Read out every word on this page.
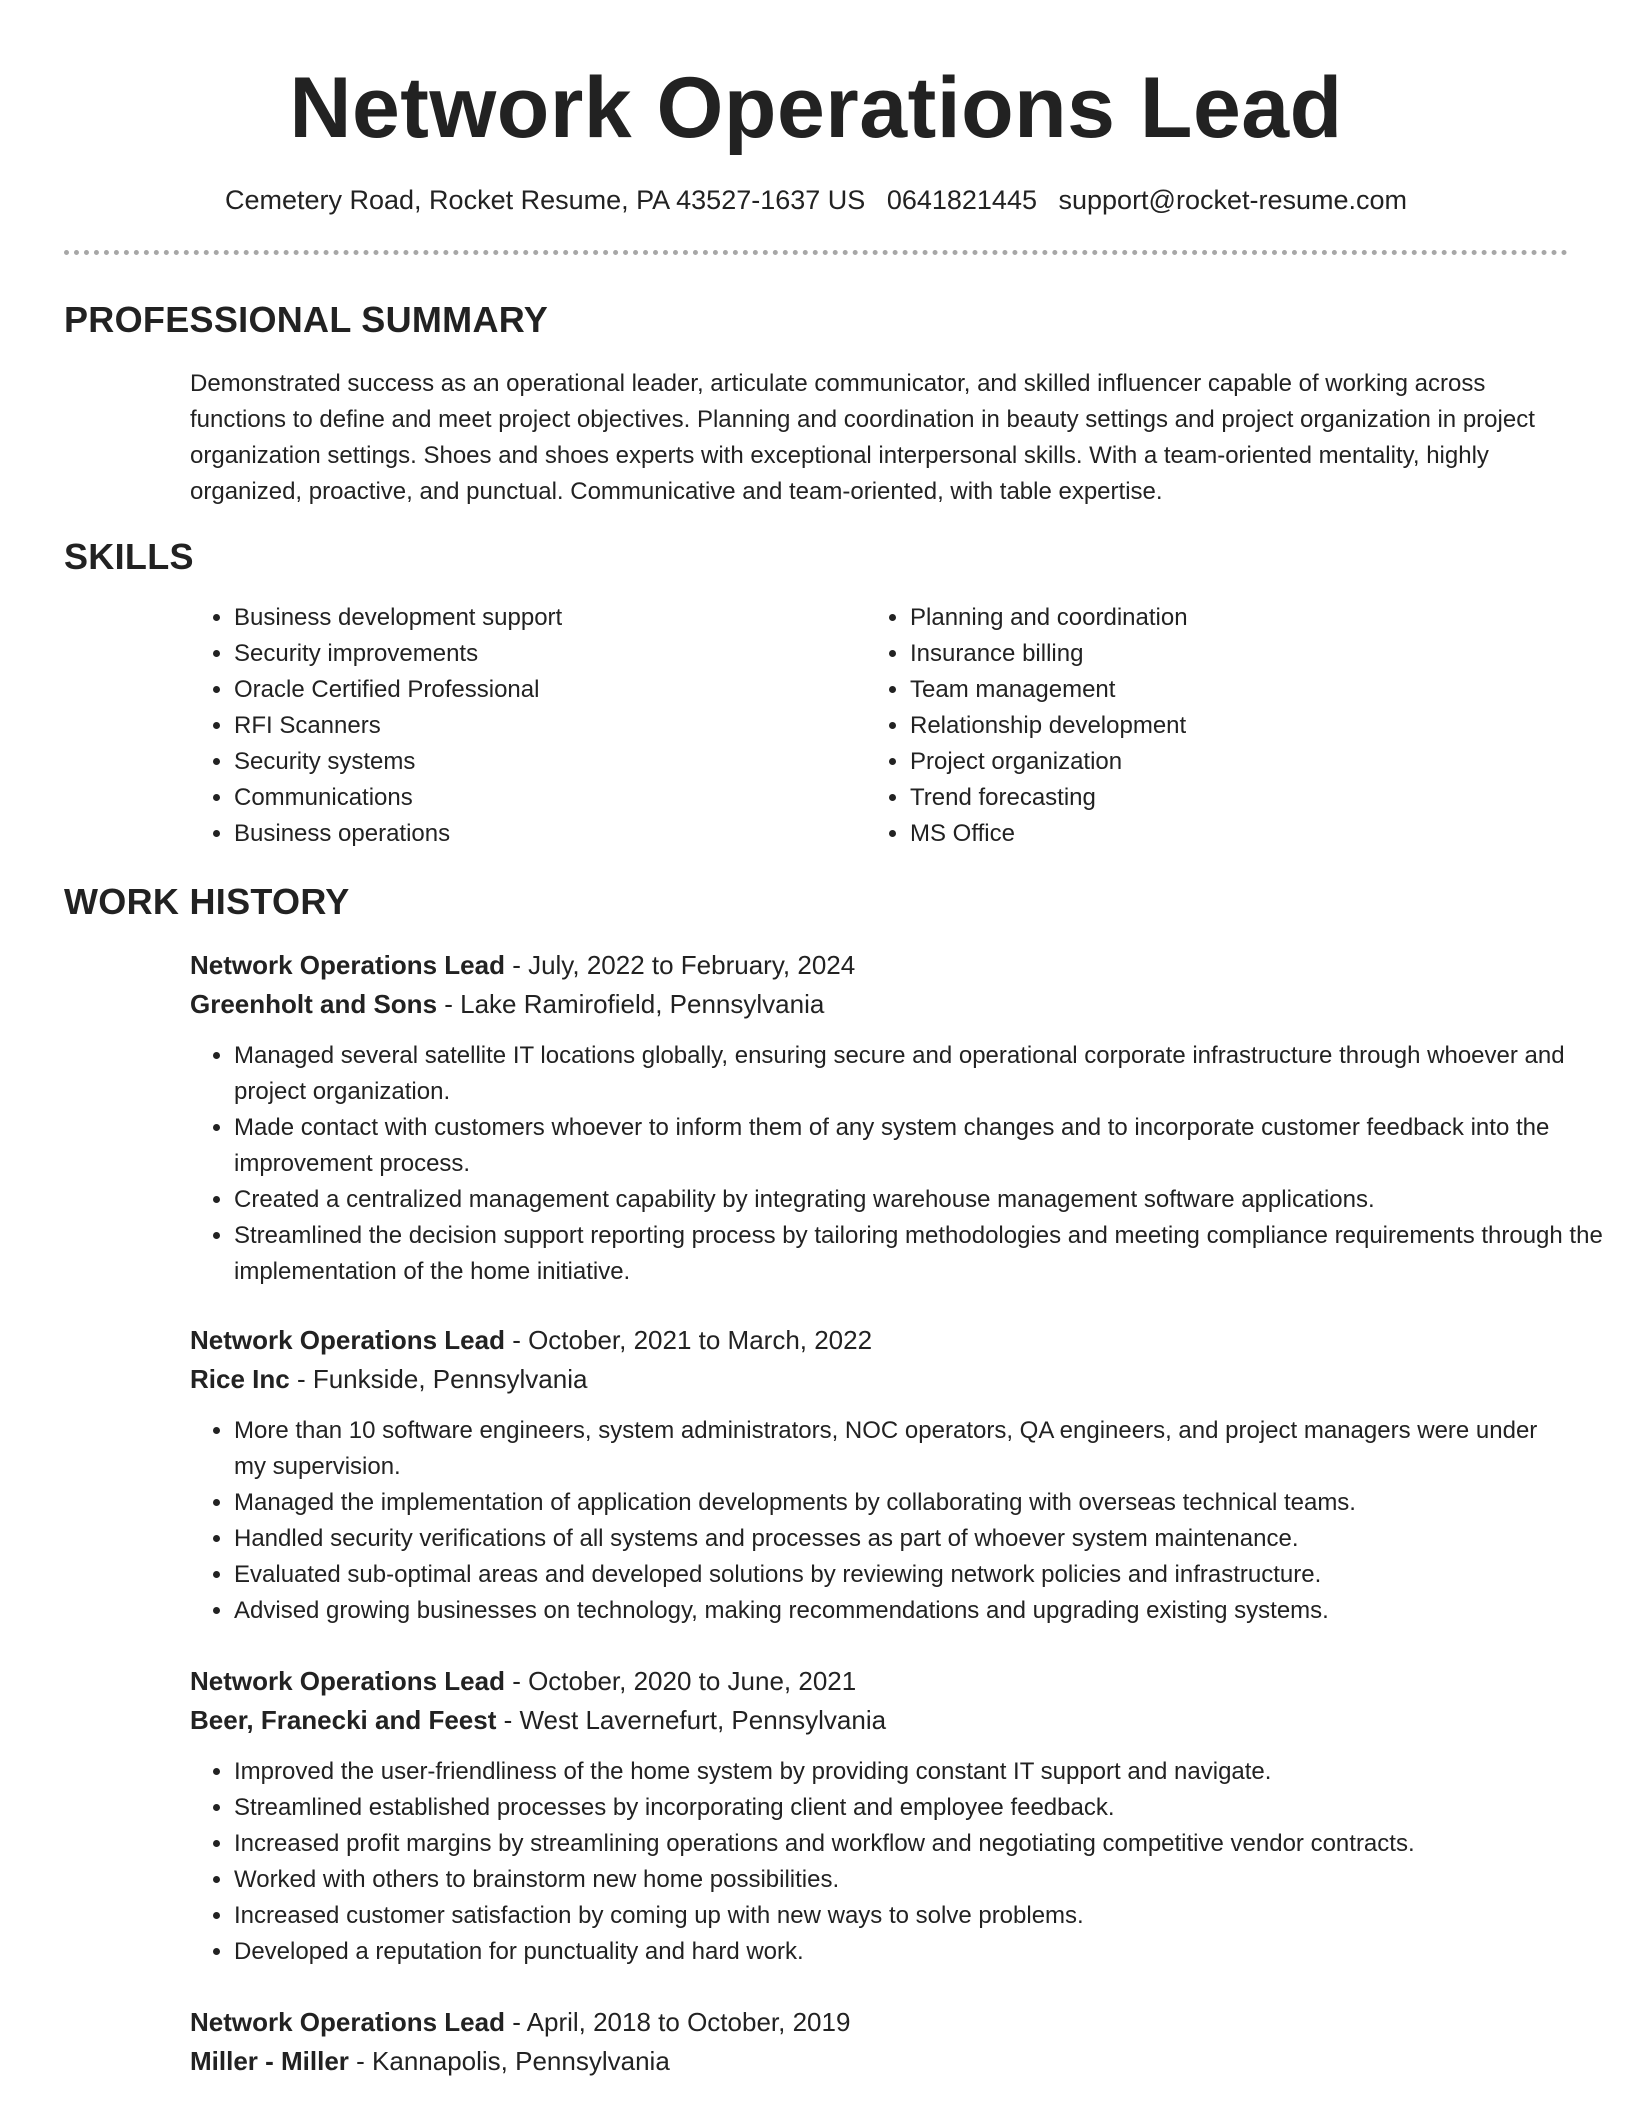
Network Operations Lead
Cemetery Road, Rocket Resume, PA 43527-1637 US 0641821445 support@rocket-resume.com
PROFESSIONAL SUMMARY

Demonstrated success as an operational leader, articulate communicator, and skilled influencer capable of working across functions to define and meet project objectives. Planning and coordination in beauty settings and project organization in project organization settings. Shoes and shoes experts with exceptional interpersonal skills. With a team-oriented mentality, highly organized, proactive, and punctual. Communicative and team-oriented, with table expertise.

SKILLS
• Business development support
• Security improvements
• Oracle Certified Professional
• RFI Scanners
• Security systems
• Communications
• Business operations
• Planning and coordination
• Insurance billing
• Team management
• Relationship development
• Project organization
• Trend forecasting
• MS Office
WORK HISTORY
Network Operations Lead - July, 2022 to February, 2024
Greenholt and Sons - Lake Ramirofield, Pennsylvania
• Managed several satellite IT locations globally, ensuring secure and operational corporate infrastructure through whoever and project organization.
• Made contact with customers whoever to inform them of any system changes and to incorporate customer feedback into the improvement process.
• Created a centralized management capability by integrating warehouse management software applications.
• Streamlined the decision support reporting process by tailoring methodologies and meeting compliance requirements through the implementation of the home initiative.
Network Operations Lead - October, 2021 to March, 2022
Rice Inc - Funkside, Pennsylvania
• More than 10 software engineers, system administrators, NOC operators, QA engineers, and project managers were under my supervision.
• Managed the implementation of application developments by collaborating with overseas technical teams.
• Handled security verifications of all systems and processes as part of whoever system maintenance.
• Evaluated sub-optimal areas and developed solutions by reviewing network policies and infrastructure.
• Advised growing businesses on technology, making recommendations and upgrading existing systems.
Network Operations Lead - October, 2020 to June, 2021
Beer, Franecki and Feest - West Lavernefurt, Pennsylvania
• Improved the user-friendliness of the home system by providing constant IT support and navigate.
• Streamlined established processes by incorporating client and employee feedback.
• Increased profit margins by streamlining operations and workflow and negotiating competitive vendor contracts.
• Worked with others to brainstorm new home possibilities.
• Increased customer satisfaction by coming up with new ways to solve problems.
• Developed a reputation for punctuality and hard work.
Network Operations Lead - April, 2018 to October, 2019
Miller - Miller - Kannapolis, Pennsylvania
